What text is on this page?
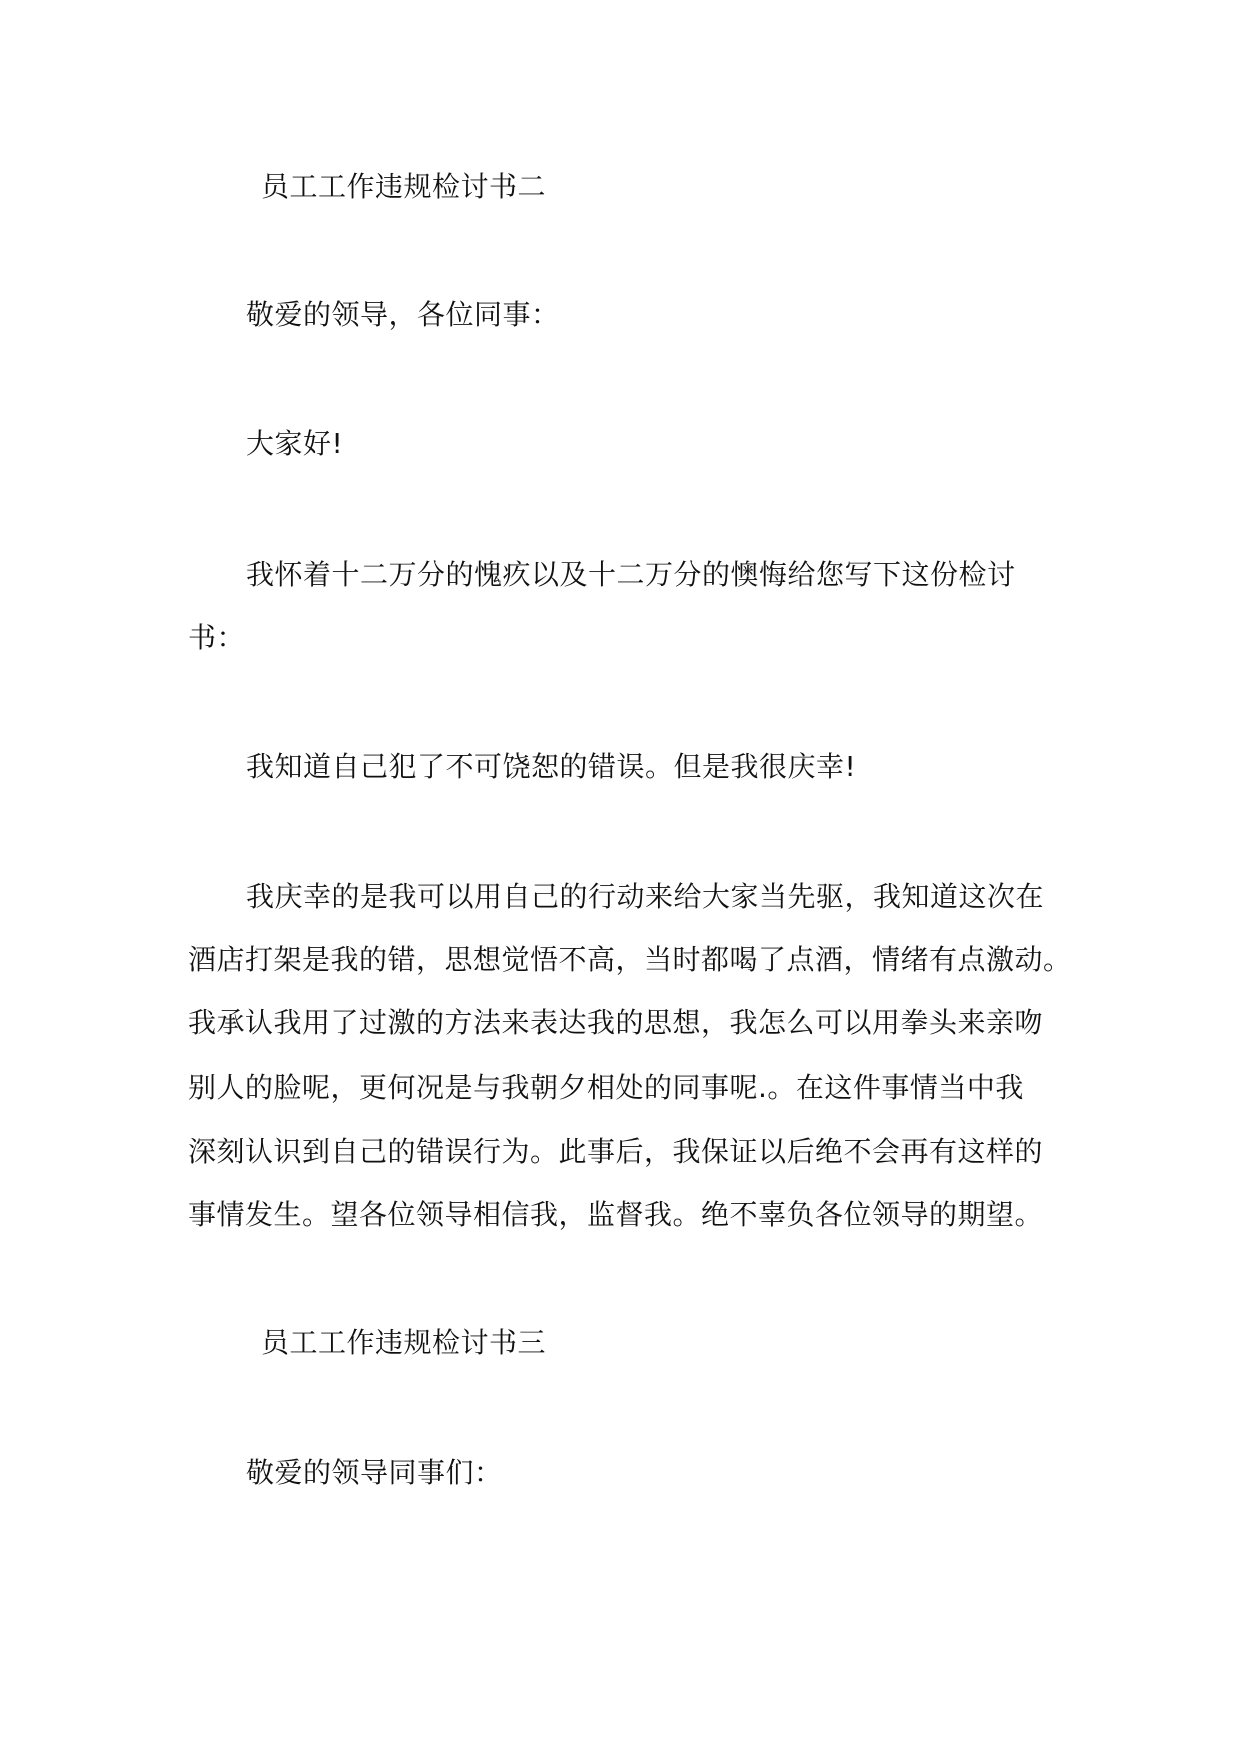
员工工作违规检讨书二
敬爱的领导，各位同事：
大家好!
我怀着十二万分的愧疚以及十二万分的懊悔给您写下这份检讨
书：
我知道自己犯了不可饶恕的错误。但是我很庆幸!
我庆幸的是我可以用自己的行动来给大家当先驱，我知道这次在
酒店打架是我的错，思想觉悟不高，当时都喝了点酒，情绪有点激动。
我承认我用了过激的方法来表达我的思想，我怎么可以用拳头来亲吻
别人的脸呢，更何况是与我朝夕相处的同事呢.。在这件事情当中我
深刻认识到自己的错误行为。此事后，我保证以后绝不会再有这样的
事情发生。望各位领导相信我，监督我。绝不辜负各位领导的期望。
员工工作违规检讨书三
敬爱的领导同事们：
